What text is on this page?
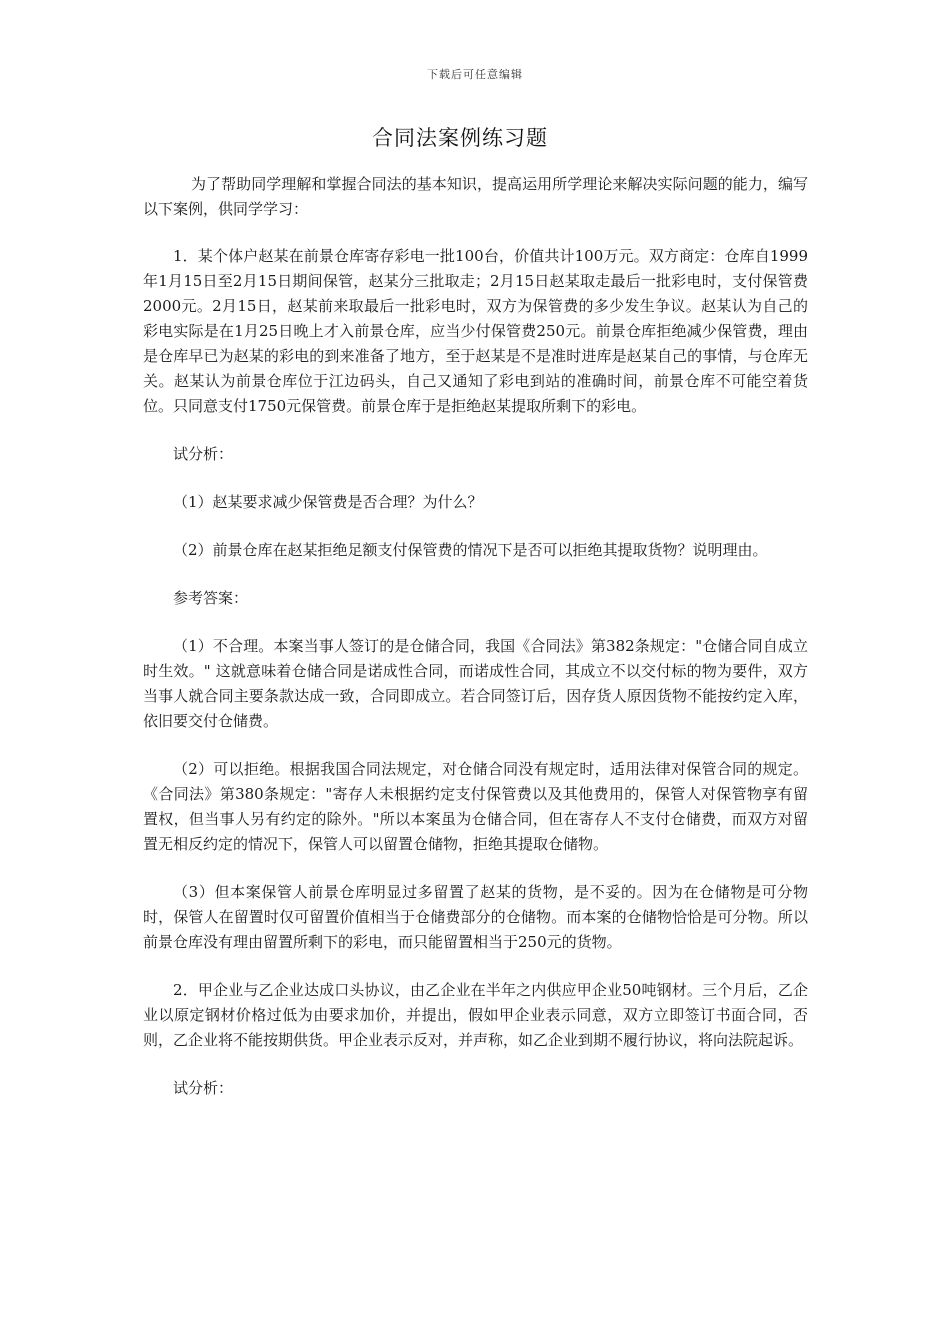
下载后可任意编辑
合同法案例练习题

为了帮助同学理解和掌握合同法的基本知识，提高运用所学理论来解决实际问题的能力，编写以下案例，供同学学习：

1．某个体户赵某在前景仓库寄存彩电一批100台，价值共计100万元。双方商定：仓库自1999年1月15日至2月15日期间保管，赵某分三批取走；2月15日赵某取走最后一批彩电时，支付保管费2000元。2月15日，赵某前来取最后一批彩电时，双方为保管费的多少发生争议。赵某认为自己的彩电实际是在1月25日晚上才入前景仓库，应当少付保管费250元。前景仓库拒绝减少保管费，理由是仓库早已为赵某的彩电的到来准备了地方，至于赵某是不是准时进库是赵某自己的事情，与仓库无关。赵某认为前景仓库位于江边码头，自己又通知了彩电到站的准确时间，前景仓库不可能空着货位。只同意支付1750元保管费。前景仓库于是拒绝赵某提取所剩下的彩电。

试分析：

（1）赵某要求减少保管费是否合理？为什么？

（2）前景仓库在赵某拒绝足额支付保管费的情况下是否可以拒绝其提取货物？说明理由。

参考答案：

（1）不合理。本案当事人签订的是仓储合同，我国《合同法》第382条规定："仓储合同自成立时生效。" 这就意味着仓储合同是诺成性合同，而诺成性合同，其成立不以交付标的物为要件，双方当事人就合同主要条款达成一致，合同即成立。若合同签订后，因存货人原因货物不能按约定入库，依旧要交付仓储费。

（2）可以拒绝。根据我国合同法规定，对仓储合同没有规定时，适用法律对保管合同的规定。《合同法》第380条规定："寄存人未根据约定支付保管费以及其他费用的，保管人对保管物享有留置权，但当事人另有约定的除外。"所以本案虽为仓储合同，但在寄存人不支付仓储费，而双方对留置无相反约定的情况下，保管人可以留置仓储物，拒绝其提取仓储物。

（3）但本案保管人前景仓库明显过多留置了赵某的货物，是不妥的。因为在仓储物是可分物时，保管人在留置时仅可留置价值相当于仓储费部分的仓储物。而本案的仓储物恰恰是可分物。所以前景仓库没有理由留置所剩下的彩电，而只能留置相当于250元的货物。

2．甲企业与乙企业达成口头协议，由乙企业在半年之内供应甲企业50吨钢材。三个月后，乙企业以原定钢材价格过低为由要求加价，并提出，假如甲企业表示同意，双方立即签订书面合同，否则，乙企业将不能按期供货。甲企业表示反对，并声称，如乙企业到期不履行协议，将向法院起诉。

试分析：
